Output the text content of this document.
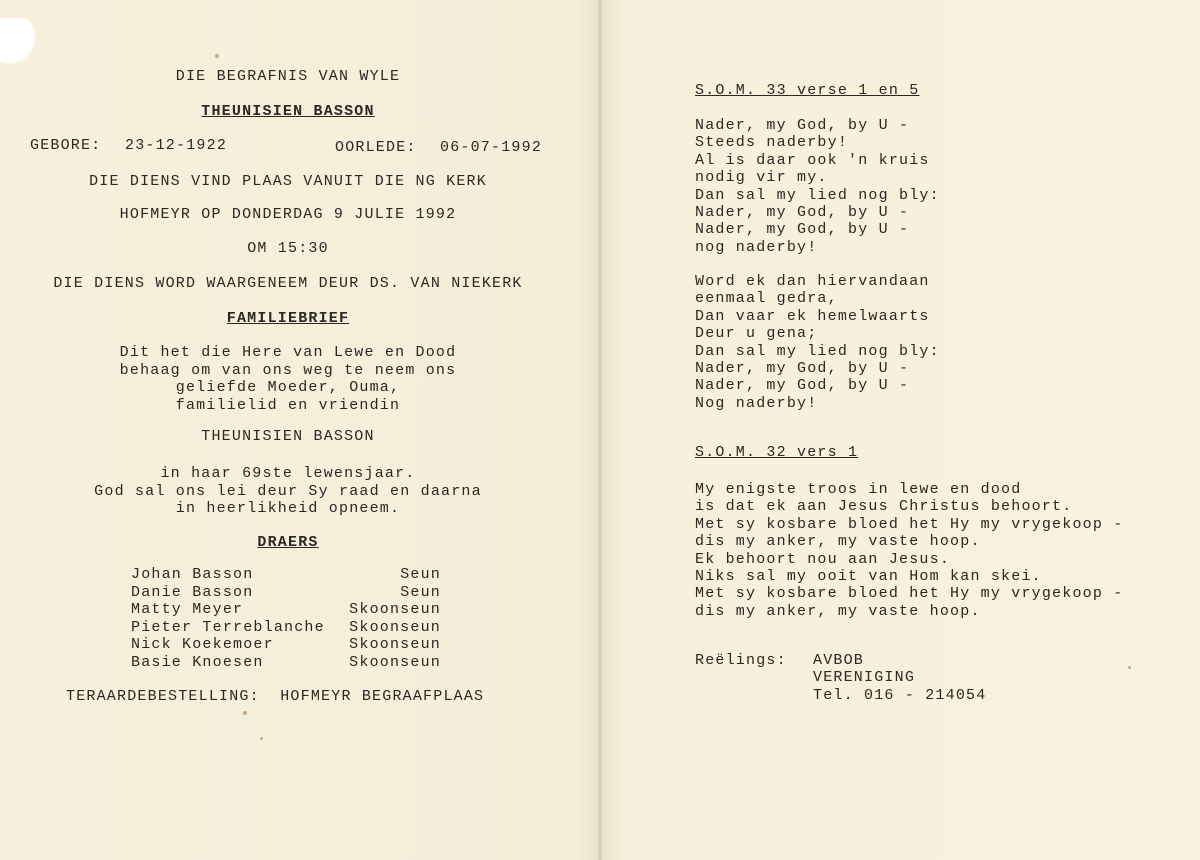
DIE BEGRAFNIS VAN WYLE
THEUNISIEN BASSON
GEBORE: 23-12-1922	OORLEDE: 06-07-1992
DIE DIENS VIND PLAAS VANUIT DIE NG KERK
HOFMEYR OP DONDERDAG 9 JULIE 1992
OM 15:30
DIE DIENS WORD WAARGENEEM DEUR DS. VAN NIEKERK
FAMILIEBRIEF
Dit het die Here van Lewe en Dood
behaag om van ons weg te neem ons
geliefde Moeder, Ouma,
familielid en vriendin
THEUNISIEN BASSON
in haar 69ste lewensjaar.
God sal ons lei deur Sy raad en daarna
in heerlikheid opneem.
DRAERS
Johan Basson	Seun
Danie Basson	Seun
Matty Meyer	Skoonseun
Pieter Terreblanche Skoonseun
Nick Koekemoer	Skoonseun
Basie Knoesen	Skoonseun
TERAARDEBESTELLING:  HOFMEYR BEGRAAFPLAAS
S.O.M. 33 verse 1 en 5
Nader, my God, by U -
Steeds naderby!
Al is daar ook 'n kruis
nodig vir my.
Dan sal my lied nog bly:
Nader, my God, by U -
Nader, my God, by U -
nog naderby!
Word ek dan hiervandaan
eenmaal gedra,
Dan vaar ek hemelwaarts
Deur u gena;
Dan sal my lied nog bly:
Nader, my God, by U -
Nader, my God, by U -
Nog naderby!
S.O.M. 32 vers 1
My enigste troos in lewe en dood
is dat ek aan Jesus Christus behoort.
Met sy kosbare bloed het Hy my vrygekoop -
dis my anker, my vaste hoop.
Ek behoort nou aan Jesus.
Niks sal my ooit van Hom kan skei.
Met sy kosbare bloed het Hy my vrygekoop -
dis my anker, my vaste hoop.
Reëlings: AVBOB
VERENIGING
Tel. 016 - 214054
